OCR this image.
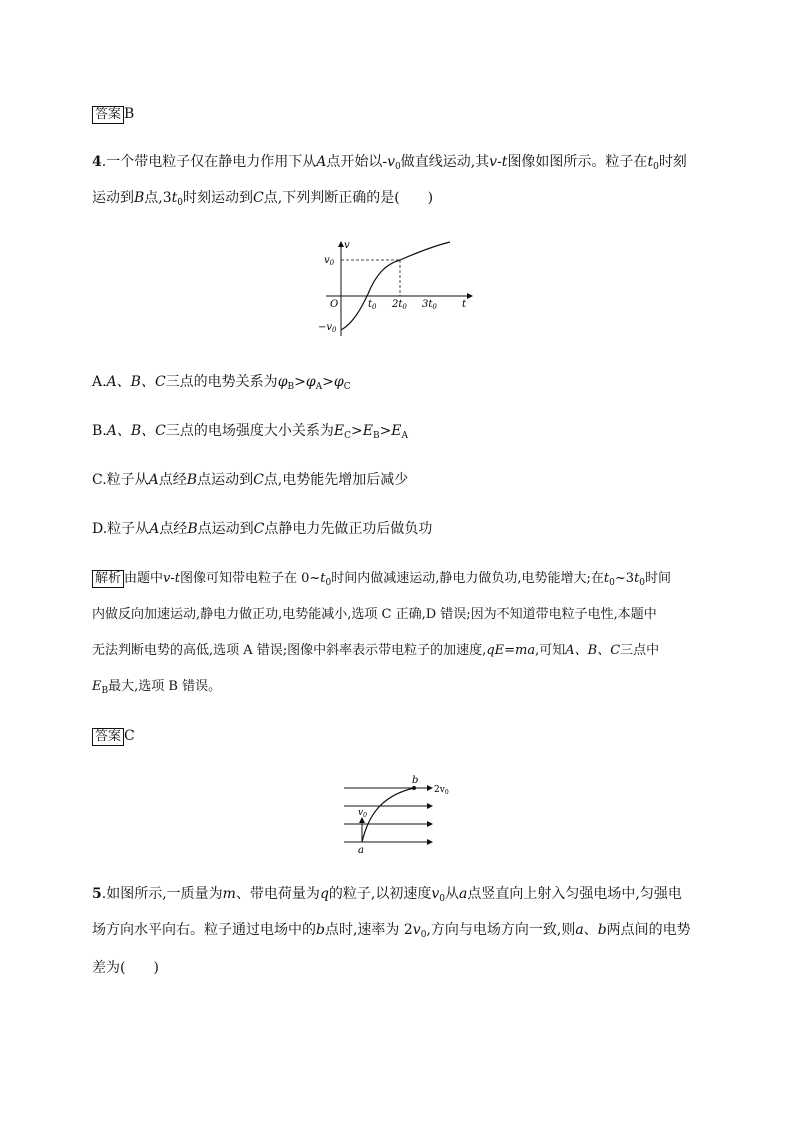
答案 B
4.一个带电粒子仅在静电力作用下从A点开始以$-v_0$做直线运动,其v-t图像如图所示。粒子在$t_0$时刻
运动到B点$,3t_0$时刻运动到C点,下列判断正确的是(　　)
v
$v_0$
$-v_0$
O	$t_0$ $2t_0$ $3t_0$	t
A.A、B、C三点的电势关系为$\varphi_B>\varphi_A>\varphi_C$
B.A、B、C三点的电场强度大小关系为$E_C>E_B>E_A$
C.粒子从A点经B点运动到C点,电势能先增加后减少
D.粒子从A点经B点运动到C点静电力先做正功后做负功
解析 由题中v-t图像可知带电粒子在 $0\sim t_0$时间内做减速运动,静电力做负功,电势能增大;在$t_0\sim 3t_0$时间
内做反向加速运动,静电力做正功,电势能减小,选项 C 正确,D 错误;因为不知道带电粒子电性,本题中
无法判断电势的高低,选项 A 错误;图像中斜率表示带电粒子的加速度,qE=ma,可知A、B、C三点中
$E_B$最大,选项 B 错误。
答案 C
b
a
$v_0$
$2v_0$
5.如图所示,一质量为m、带电荷量为q的粒子,以初速度$v_0$从a点竖直向上射入匀强电场中,匀强电
场方向水平向右。粒子通过电场中的b点时,速率为 $2v_0$,方向与电场方向一致,则a、b两点间的电势
差为(　　)
